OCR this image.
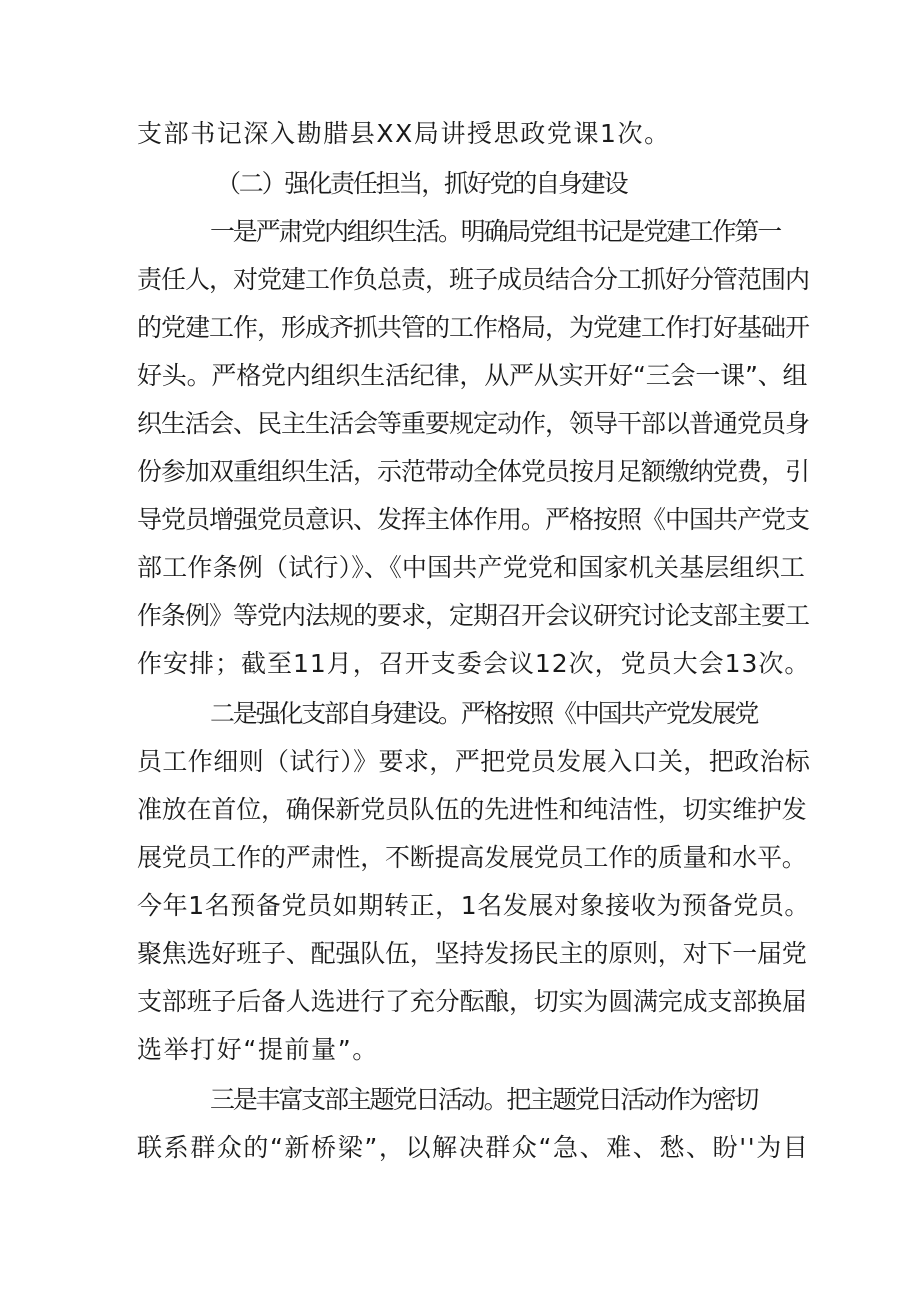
支部书记深入勘腊县XX局讲授思政党课1次。
（二）强化责任担当，抓好党的自身建设
一是严肃党内组织生活。明确局党组书记是党建工作第一
责任人，对党建工作负总责，班子成员结合分工抓好分管范围内
的党建工作，形成齐抓共管的工作格局，为党建工作打好基础开
好头。严格党内组织生活纪律，从严从实开好“三会一课”、组
织生活会、民主生活会等重要规定动作，领导干部以普通党员身
份参加双重组织生活，示范带动全体党员按月足额缴纳党费，引
导党员增强党员意识、发挥主体作用。严格按照《中国共产党支
部工作条例（试行）》、《中国共产党党和国家机关基层组织工
作条例》等党内法规的要求，定期召开会议研究讨论支部主要工
作安排；截至11月，召开支委会议12次，党员大会13次。
二是强化支部自身建设。严格按照《中国共产党发展党
员工作细则（试行）》要求，严把党员发展入口关，把政治标
准放在首位，确保新党员队伍的先进性和纯洁性，切实维护发
展党员工作的严肃性，不断提高发展党员工作的质量和水平。
今年1名预备党员如期转正，1名发展对象接收为预备党员。
聚焦选好班子、配强队伍，坚持发扬民主的原则，对下一届党
支部班子后备人选进行了充分酝酿，切实为圆满完成支部换届
选举打好“提前量”。
三是丰富支部主题党日活动。把主题党日活动作为密切
联系群众的“新桥梁”，以解决群众“急、难、愁、盼''为目
